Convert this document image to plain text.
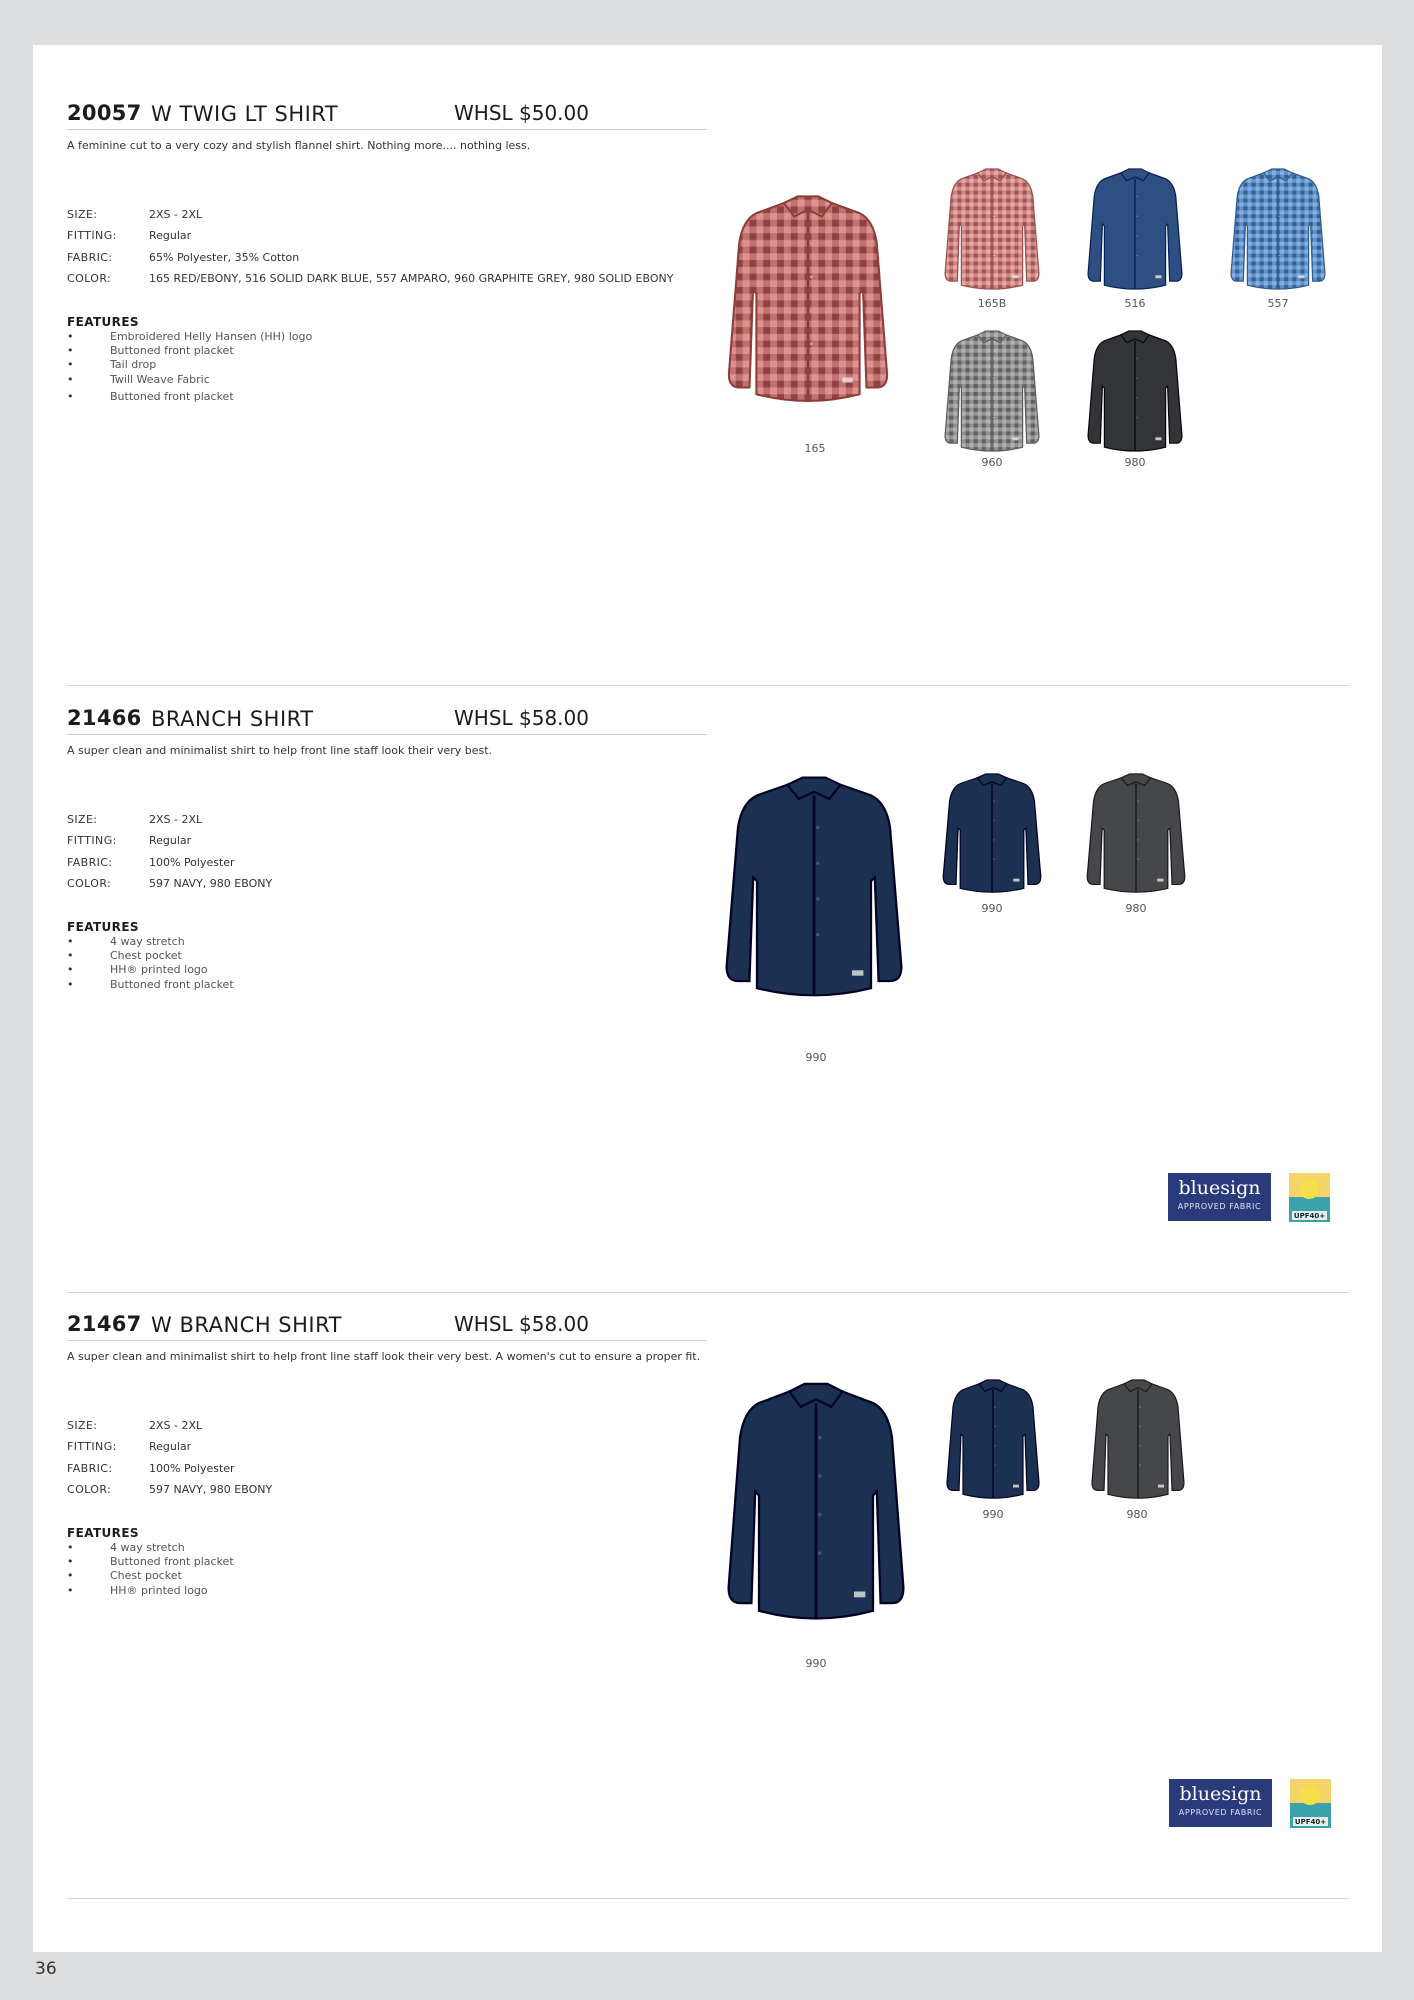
20057 W TWIG LT SHIRT	WHSL $50.00
A feminine cut to a very cozy and stylish flannel shirt. Nothing more.... nothing less.
SIZE:	2XS - 2XL
FITTING:	Regular
FABRIC:	65% Polyester, 35% Cotton
COLOR:	165 RED/EBONY, 516 SOLID DARK BLUE, 557 AMPARO, 960 GRAPHITE GREY, 980 SOLID EBONY
FEATURES
• Embroidered Helly Hansen (HH) logo
• Buttoned front placket
• Tail drop
• Twill Weave Fabric
• Buttoned front placket
165
165B	516	557
960	980
21466 BRANCH SHIRT	WHSL $58.00
A super clean and minimalist shirt to help front line staff look their very best.
SIZE:	2XS - 2XL
FITTING:	Regular
FABRIC:	100% Polyester
COLOR:	597 NAVY, 980 EBONY
FEATURES
• 4 way stretch
• Chest pocket
• HH® printed logo
• Buttoned front placket
990
990	980
bluesign
APPROVED FABRIC
UPF40+
21467 W BRANCH SHIRT	WHSL $58.00
A super clean and minimalist shirt to help front line staff look their very best. A women's cut to ensure a proper fit.
SIZE:	2XS - 2XL
FITTING:	Regular
FABRIC:	100% Polyester
COLOR:	597 NAVY, 980 EBONY
FEATURES
• 4 way stretch
• Buttoned front placket
• Chest pocket
• HH® printed logo
990
990	980
bluesign
APPROVED FABRIC
UPF40+
36
